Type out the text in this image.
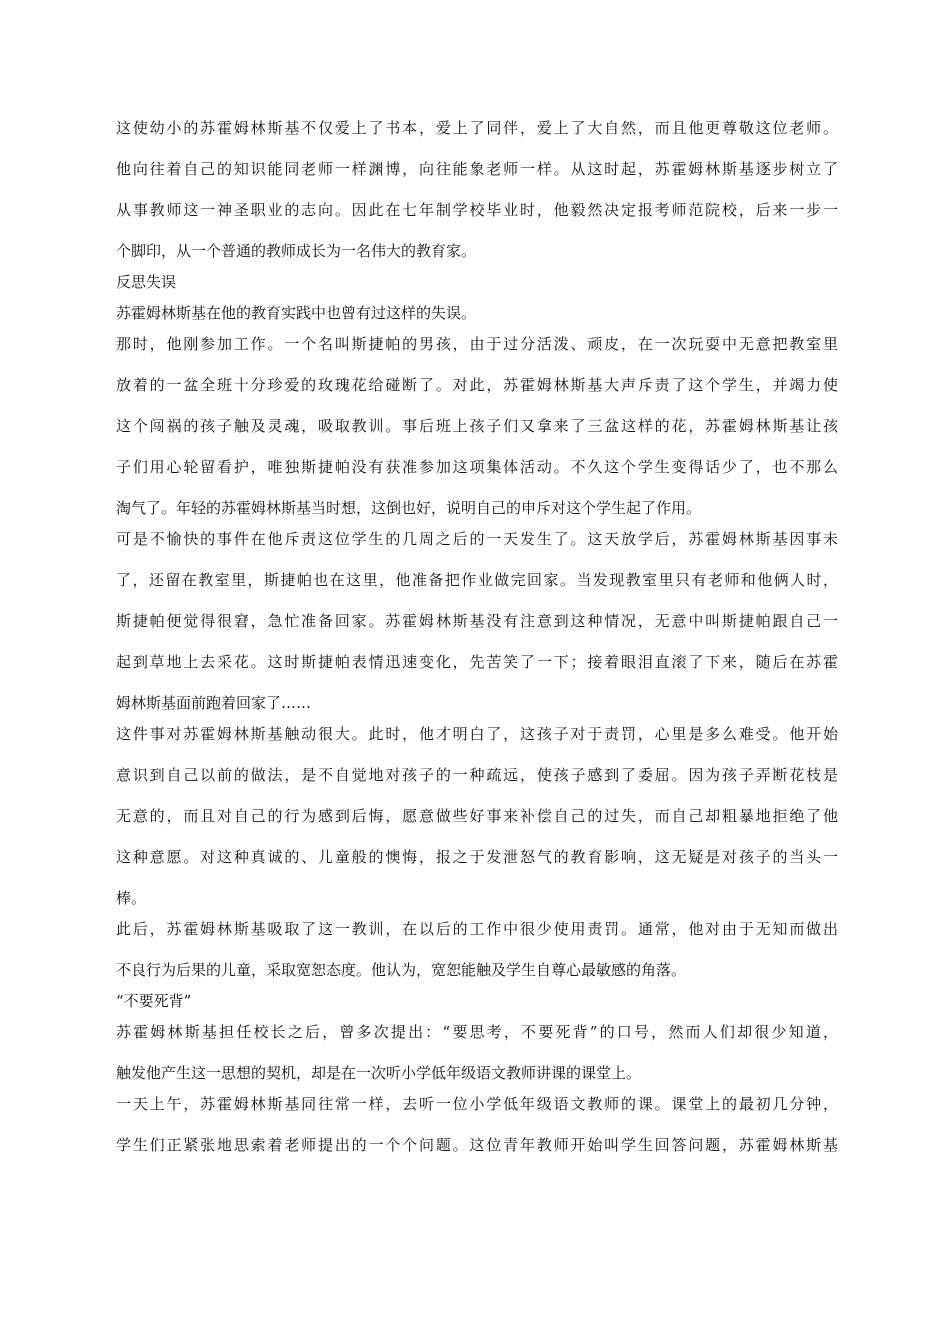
这使幼小的苏霍姆林斯基不仅爱上了书本，爱上了同伴，爱上了大自然，而且他更尊敬这位老师。
他向往着自己的知识能同老师一样渊博，向往能象老师一样。从这时起，苏霍姆林斯基逐步树立了
从事教师这一神圣职业的志向。因此在七年制学校毕业时，他毅然决定报考师范院校，后来一步一
个脚印，从一个普通的教师成长为一名伟大的教育家。
反思失误
苏霍姆林斯基在他的教育实践中也曾有过这样的失误。
那时，他刚参加工作。一个名叫斯捷帕的男孩，由于过分活泼、顽皮，在一次玩耍中无意把教室里
放着的一盆全班十分珍爱的玫瑰花给碰断了。对此，苏霍姆林斯基大声斥责了这个学生，并竭力使
这个闯祸的孩子触及灵魂，吸取教训。事后班上孩子们又拿来了三盆这样的花，苏霍姆林斯基让孩
子们用心轮留看护，唯独斯捷帕没有获准参加这项集体活动。不久这个学生变得话少了，也不那么
淘气了。年轻的苏霍姆林斯基当时想，这倒也好，说明自己的申斥对这个学生起了作用。
可是不愉快的事件在他斥责这位学生的几周之后的一天发生了。这天放学后，苏霍姆林斯基因事未
了，还留在教室里，斯捷帕也在这里，他准备把作业做完回家。当发现教室里只有老师和他俩人时，
斯捷帕便觉得很窘，急忙准备回家。苏霍姆林斯基没有注意到这种情况，无意中叫斯捷帕跟自己一
起到草地上去采花。这时斯捷帕表情迅速变化，先苦笑了一下；接着眼泪直滚了下来，随后在苏霍
姆林斯基面前跑着回家了……
这件事对苏霍姆林斯基触动很大。此时，他才明白了，这孩子对于责罚，心里是多么难受。他开始
意识到自己以前的做法，是不自觉地对孩子的一种疏远，使孩子感到了委屈。因为孩子弄断花枝是
无意的，而且对自己的行为感到后悔，愿意做些好事来补偿自己的过失，而自己却粗暴地拒绝了他
这种意愿。对这种真诚的、儿童般的懊悔，报之于发泄怒气的教育影响，这无疑是对孩子的当头一
棒。
此后，苏霍姆林斯基吸取了这一教训，在以后的工作中很少使用责罚。通常，他对由于无知而做出
不良行为后果的儿童，采取宽恕态度。他认为，宽恕能触及学生自尊心最敏感的角落。
“不要死背”
苏霍姆林斯基担任校长之后，曾多次提出：“要思考，不要死背”的口号，然而人们却很少知道，
触发他产生这一思想的契机，却是在一次听小学低年级语文教师讲课的课堂上。
一天上午，苏霍姆林斯基同往常一样，去听一位小学低年级语文教师的课。课堂上的最初几分钟，
学生们正紧张地思索着老师提出的一个个问题。这位青年教师开始叫学生回答问题，苏霍姆林斯基
